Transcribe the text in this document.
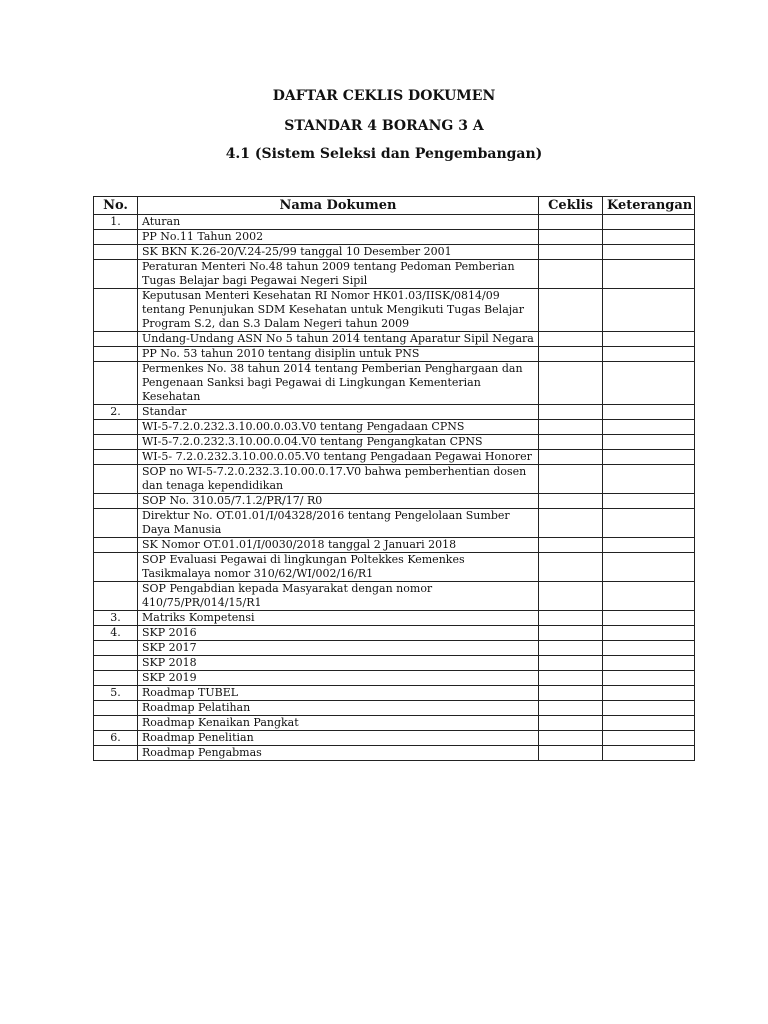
DAFTAR CEKLIS DOKUMEN
STANDAR 4 BORANG 3 A
4.1 (Sistem Seleksi dan Pengembangan)
No.	Nama Dokumen	Ceklis	Keterangan
1.	Aturan		
	PP No.11 Tahun 2002		
	SK BKN K.26-20/V.24-25/99 tanggal 10 Desember 2001		
	Peraturan Menteri No.48 tahun 2009 tentang Pedoman Pemberian Tugas Belajar bagi Pegawai Negeri Sipil		
	Keputusan Menteri Kesehatan RI Nomor HK01.03/IISK/0814/09 tentang Penunjukan SDM Kesehatan untuk Mengikuti Tugas Belajar Program S.2, dan S.3 Dalam Negeri tahun 2009		
	Undang-Undang ASN No 5 tahun 2014 tentang Aparatur Sipil Negara		
	PP No. 53 tahun 2010 tentang disiplin untuk PNS		
	Permenkes No. 38 tahun 2014 tentang Pemberian Penghargaan dan Pengenaan Sanksi bagi Pegawai di Lingkungan Kementerian Kesehatan		
2.	Standar		
	WI-5-7.2.0.232.3.10.00.0.03.V0 tentang Pengadaan CPNS		
	WI-5-7.2.0.232.3.10.00.0.04.V0 tentang Pengangkatan CPNS		
	WI-5- 7.2.0.232.3.10.00.0.05.V0 tentang Pengadaan Pegawai Honorer		
	SOP no WI-5-7.2.0.232.3.10.00.0.17.V0 bahwa pemberhentian dosen dan tenaga kependidikan		
	SOP No. 310.05/7.1.2/PR/17/ R0		
	Direktur No. OT.01.01/I/04328/2016 tentang Pengelolaan Sumber Daya Manusia		
	SK Nomor OT.01.01/I/0030/2018 tanggal 2 Januari 2018		
	SOP Evaluasi Pegawai di lingkungan Poltekkes Kemenkes Tasikmalaya nomor 310/62/WI/002/16/R1		
	SOP Pengabdian kepada Masyarakat dengan nomor 410/75/PR/014/15/R1		
3.	Matriks Kompetensi		
4.	SKP 2016		
	SKP 2017		
	SKP 2018		
	SKP 2019		
5.	Roadmap TUBEL		
	Roadmap Pelatihan		
	Roadmap Kenaikan Pangkat		
6.	Roadmap Penelitian		
	Roadmap Pengabmas		
